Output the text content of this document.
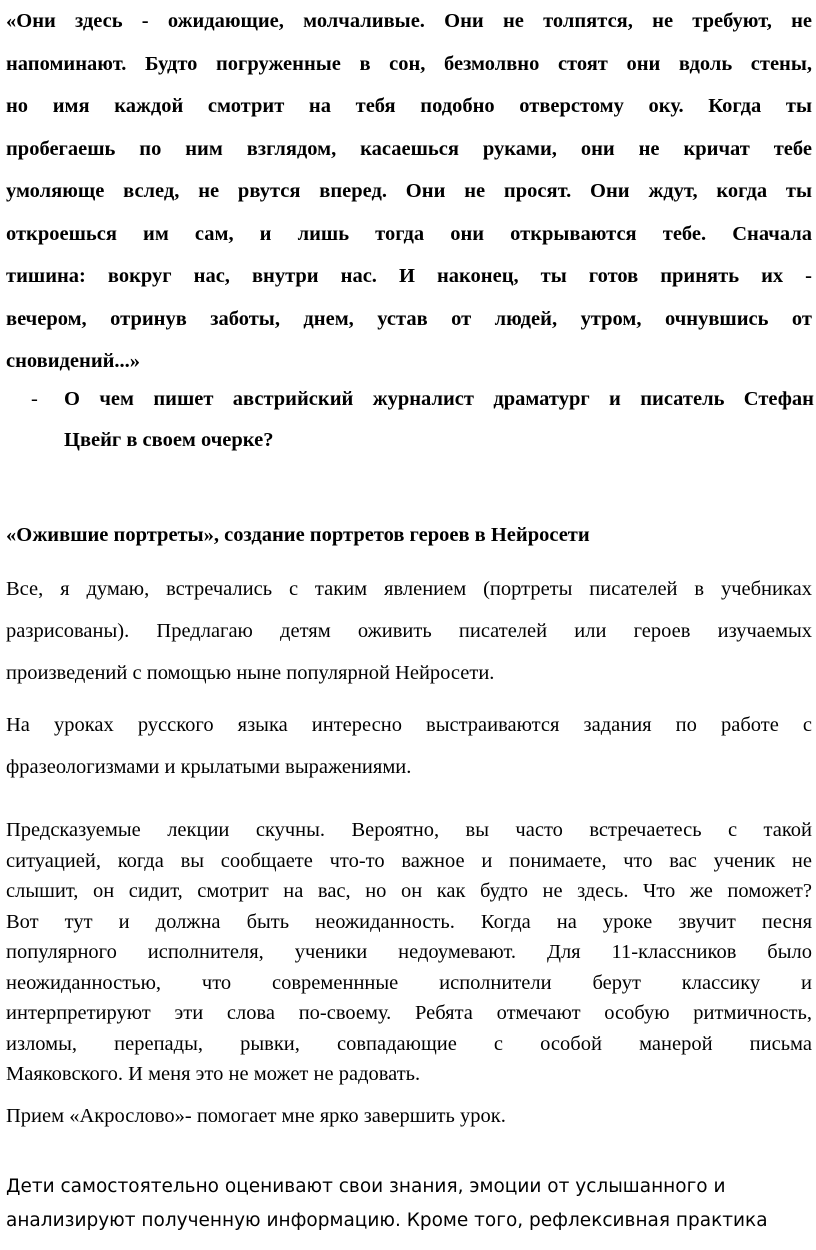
«Они здесь - ожидающие, молчаливые. Они не толпятся, не требуют, не
напоминают. Будто погруженные в сон, безмолвно стоят они вдоль стены,
но имя каждой смотрит на тебя подобно отверстому оку. Когда ты
пробегаешь по ним взглядом, касаешься руками, они не кричат тебе
умоляюще вслед, не рвутся вперед. Они не просят. Они ждут, когда ты
откроешься им сам, и лишь тогда они открываются тебе. Сначала
тишина: вокруг нас, внутри нас. И наконец, ты готов принять их -
вечером, отринув заботы, днем, устав от людей, утром, очнувшись от
сновидений...»
- О чем пишет австрийский журналист драматург и писатель Стефан
Цвейг в своем очерке?
«Ожившие портреты», создание портретов героев в Нейросети
Все, я думаю, встречались с таким явлением (портреты писателей в учебниках
разрисованы). Предлагаю детям оживить писателей или героев изучаемых
произведений с помощью ныне популярной Нейросети.
На уроках русского языка интересно выстраиваются задания по работе с
фразеологизмами и крылатыми выражениями.
Предсказуемые лекции скучны. Вероятно, вы часто встречаетесь с такой
ситуацией, когда вы сообщаете что-то важное и понимаете, что вас ученик не
слышит, он сидит, смотрит на вас, но он как будто не здесь. Что же поможет?
Вот тут и должна быть неожиданность. Когда на уроке звучит песня
популярного исполнителя, ученики недоумевают. Для 11-классников было
неожиданностью, что современнные исполнители берут классику и
интерпретируют эти слова по-своему. Ребята отмечают особую ритмичность,
изломы, перепады, рывки, совпадающие с особой манерой письма
Маяковского. И меня это не может не радовать.
Прием «Акрослово»- помогает мне ярко завершить урок.
Дети самостоятельно оценивают свои знания, эмоции от услышанного и
анализируют полученную информацию. Кроме того, рефлексивная практика
